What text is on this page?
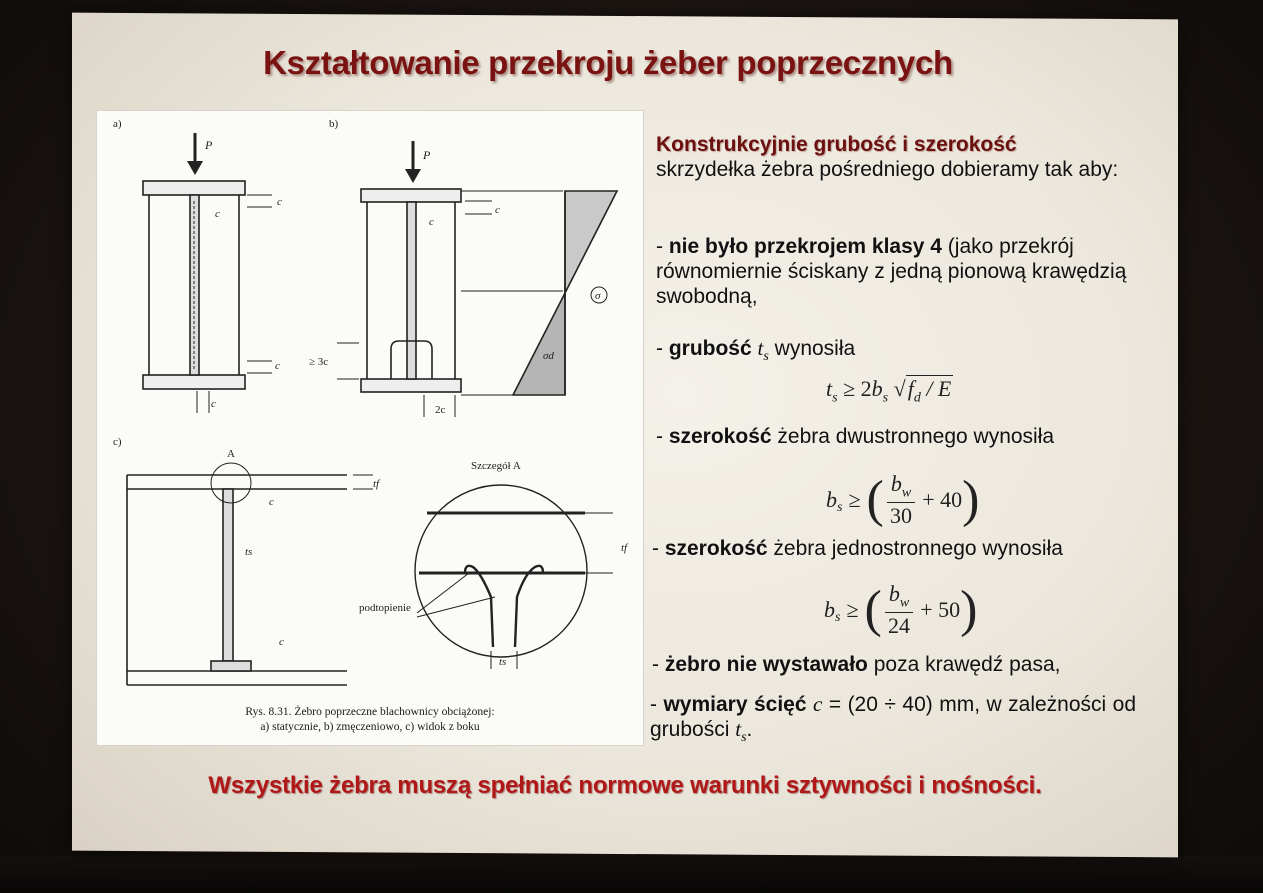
Kształtowanie przekroju żeber poprzecznych
a)
P
c
c
c
c
b)
P
c
c
≥ 3c
2c
σ
σd
c)
A
tf
c
ts
c
Szczegół A
tf
podtopienie
ts
Rys. 8.31. Żebro poprzeczne blachownicy obciążonej:
a) statycznie, b) zmęczeniowo, c) widok z boku
Konstrukcyjnie grubość i szerokość
skrzydełka żebra pośredniego dobieramy tak aby:
- nie było przekrojem klasy 4 (jako przekrój równomiernie ściskany z jedną pionową krawędzią swobodną,
- grubość $t_s$ wynosiła
$t_s \ge 2b_s$ $√f_d$ / E
- szerokość żebra dwustronnego wynosiła
$b_s$ ≥ ( $b_w$
30
+ 40 )
- szerokość żebra jednostronnego wynosiła
$b_s$ ≥ ( $b_w$
24
+ 50 )
- żebro nie wystawało poza krawędź pasa,
- wymiary ścięć c = (20 ÷ 40) mm, w zależności od grubości $t_s$.
Wszystkie żebra muszą spełniać normowe warunki sztywności i nośności.
